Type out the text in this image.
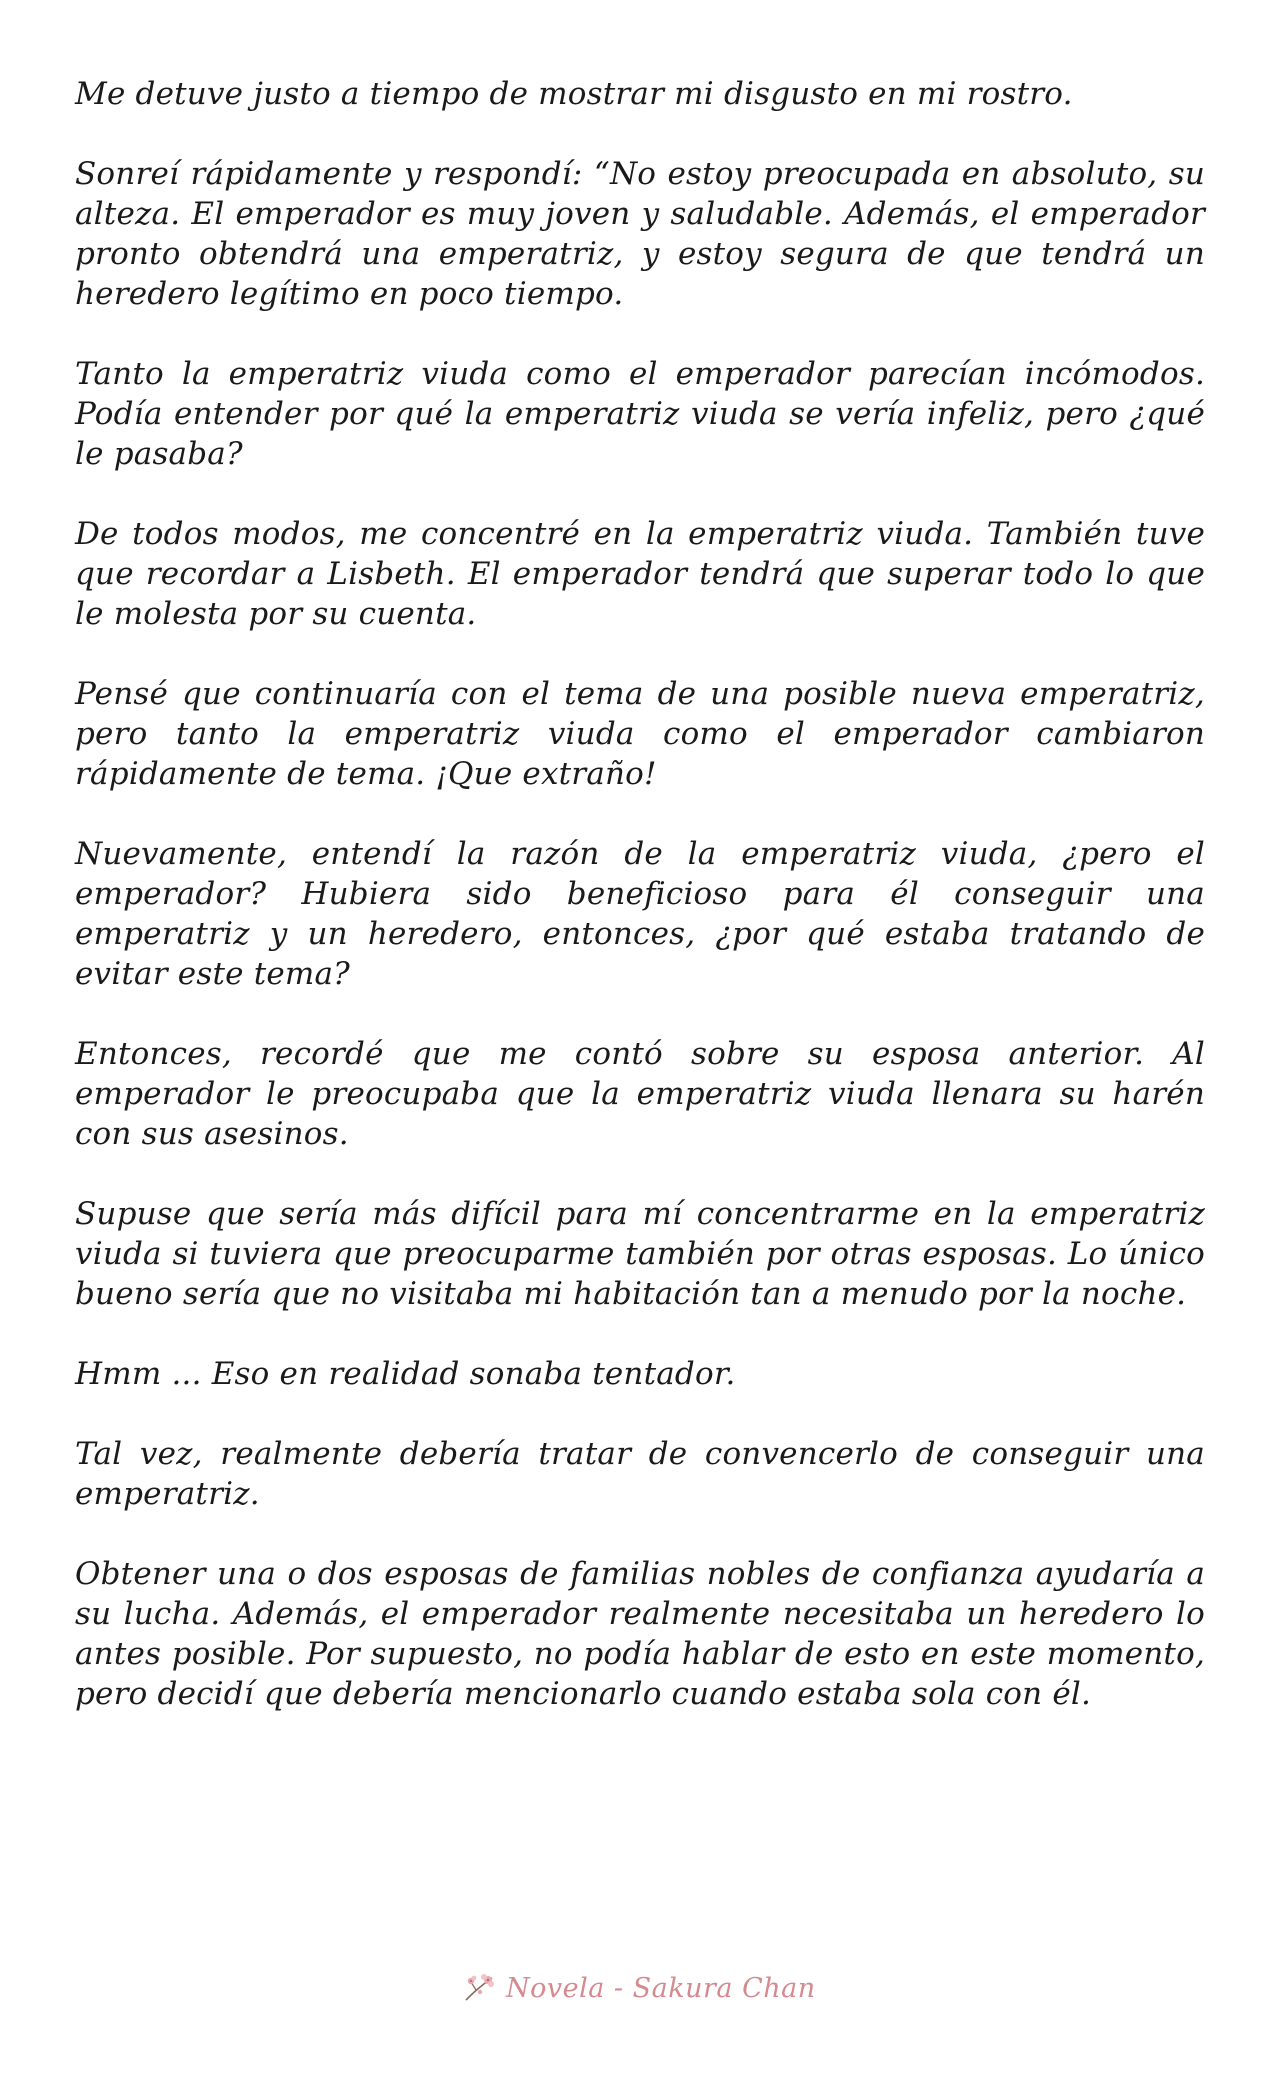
Me detuve justo a tiempo de mostrar mi disgusto en mi rostro.

Sonreí rápidamente y respondí: “No estoy preocupada en absoluto, su alteza. El emperador es muy joven y saludable. Además, el emperador pronto obtendrá una emperatriz, y estoy segura de que tendrá un heredero legítimo en poco tiempo.

Tanto la emperatriz viuda como el emperador parecían incómodos. Podía entender por qué la emperatriz viuda se vería infeliz, pero ¿qué le pasaba?

De todos modos, me concentré en la emperatriz viuda. También tuve que recordar a Lisbeth. El emperador tendrá que superar todo lo que le molesta por su cuenta.

Pensé que continuaría con el tema de una posible nueva emperatriz, pero tanto la emperatriz viuda como el emperador cambiaron rápidamente de tema. ¡Que extraño!

Nuevamente, entendí la razón de la emperatriz viuda, ¿pero el emperador? Hubiera sido beneficioso para él conseguir una emperatriz y un heredero, entonces, ¿por qué estaba tratando de evitar este tema?

Entonces, recordé que me contó sobre su esposa anterior. Al emperador le preocupaba que la emperatriz viuda llenara su harén con sus asesinos.

Supuse que sería más difícil para mí concentrarme en la emperatriz viuda si tuviera que preocuparme también por otras esposas. Lo único bueno sería que no visitaba mi habitación tan a menudo por la noche.

Hmm ... Eso en realidad sonaba tentador.

Tal vez, realmente debería tratar de convencerlo de conseguir una emperatriz.

Obtener una o dos esposas de familias nobles de confianza ayudaría a su lucha. Además, el emperador realmente necesitaba un heredero lo antes posible. Por supuesto, no podía hablar de esto en este momento, pero decidí que debería mencionarlo cuando estaba sola con él.

Novela - Sakura Chan
